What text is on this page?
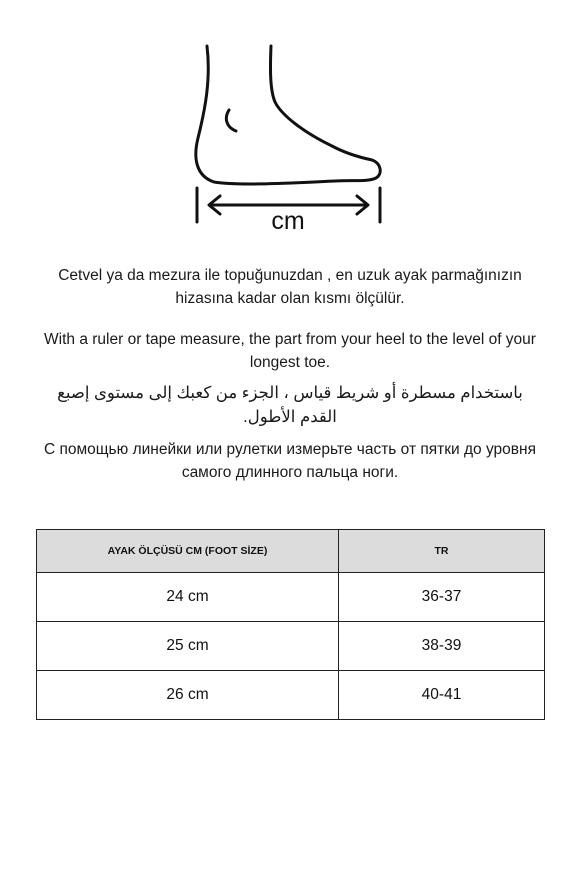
cm

Cetvel ya da mezura ile topuğunuzdan , en uzuk ayak parmağınızın hizasına kadar olan kısmı ölçülür.

With a ruler or tape measure, the part from your heel to the level of your longest toe.

باستخدام مسطرة أو شريط قياس ، الجزء من كعبك إلى مستوى إصبع القدم الأطول.

С помощью линейки или рулетки измерьте часть от пятки до уровня самого длинного пальца ноги.

AYAK ÖLÇÜSÜ CM (FOOT SİZE)	TR
24 cm	36-37
25 cm	38-39
26 cm	40-41
